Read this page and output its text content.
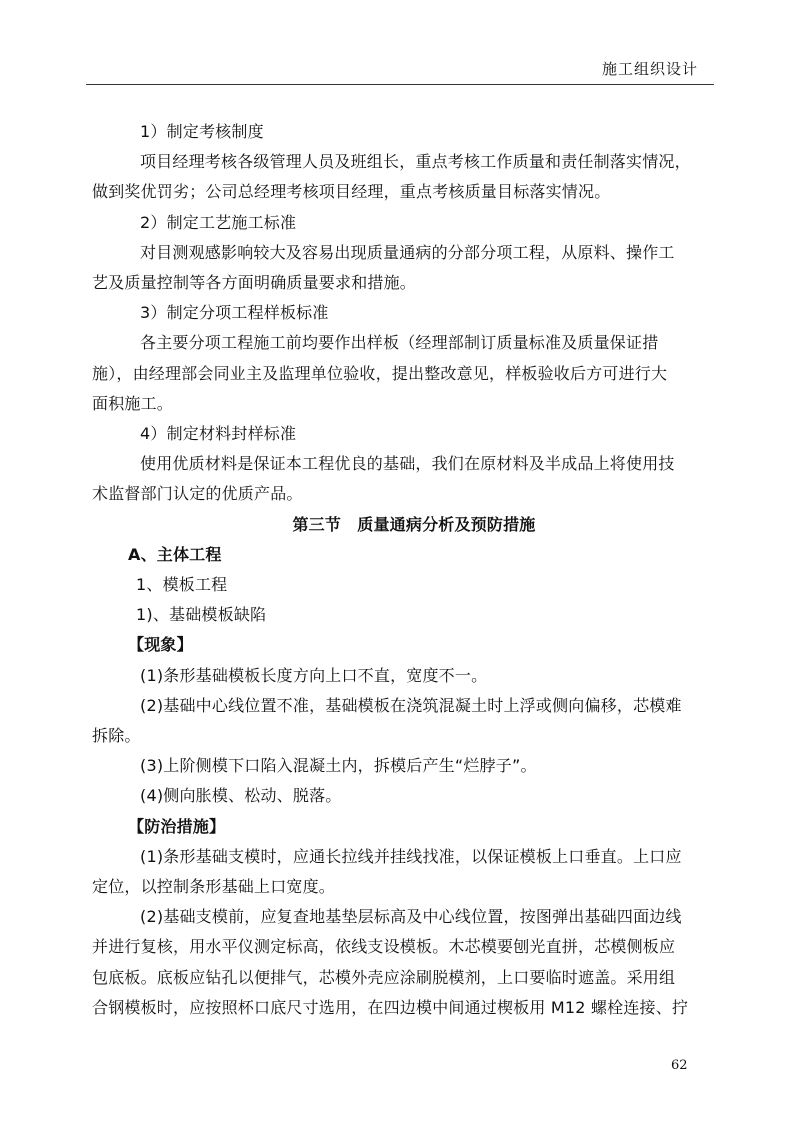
施工组织设计
1）制定考核制度
项目经理考核各级管理人员及班组长，重点考核工作质量和责任制落实情况，
做到奖优罚劣；公司总经理考核项目经理，重点考核质量目标落实情况。
2）制定工艺施工标准
对目测观感影响较大及容易出现质量通病的分部分项工程，从原料、操作工
艺及质量控制等各方面明确质量要求和措施。
3）制定分项工程样板标准
各主要分项工程施工前均要作出样板（经理部制订质量标准及质量保证措
施），由经理部会同业主及监理单位验收，提出整改意见，样板验收后方可进行大
面积施工。
4）制定材料封样标准
使用优质材料是保证本工程优良的基础，我们在原材料及半成品上将使用技
术监督部门认定的优质产品。
第三节　质量通病分析及预防措施
A、主体工程
1、模板工程
1)、基础模板缺陷
【现象】
(1)条形基础模板长度方向上口不直，宽度不一。
(2)基础中心线位置不准，基础模板在浇筑混凝土时上浮或侧向偏移，芯模难
拆除。
(3)上阶侧模下口陷入混凝土内，拆模后产生“烂脖子”。
(4)侧向胀模、松动、脱落。
【防治措施】
(1)条形基础支模时，应通长拉线并挂线找准，以保证模板上口垂直。上口应
定位，以控制条形基础上口宽度。
(2)基础支模前，应复查地基垫层标高及中心线位置，按图弹出基础四面边线
并进行复核，用水平仪测定标高，依线支设模板。木芯模要刨光直拼，芯模侧板应
包底板。底板应钻孔以便排气，芯模外壳应涂刷脱模剂，上口要临时遮盖。采用组
合钢模板时，应按照杯口底尺寸选用，在四边模中间通过楔板用 M12 螺栓连接、拧
62
